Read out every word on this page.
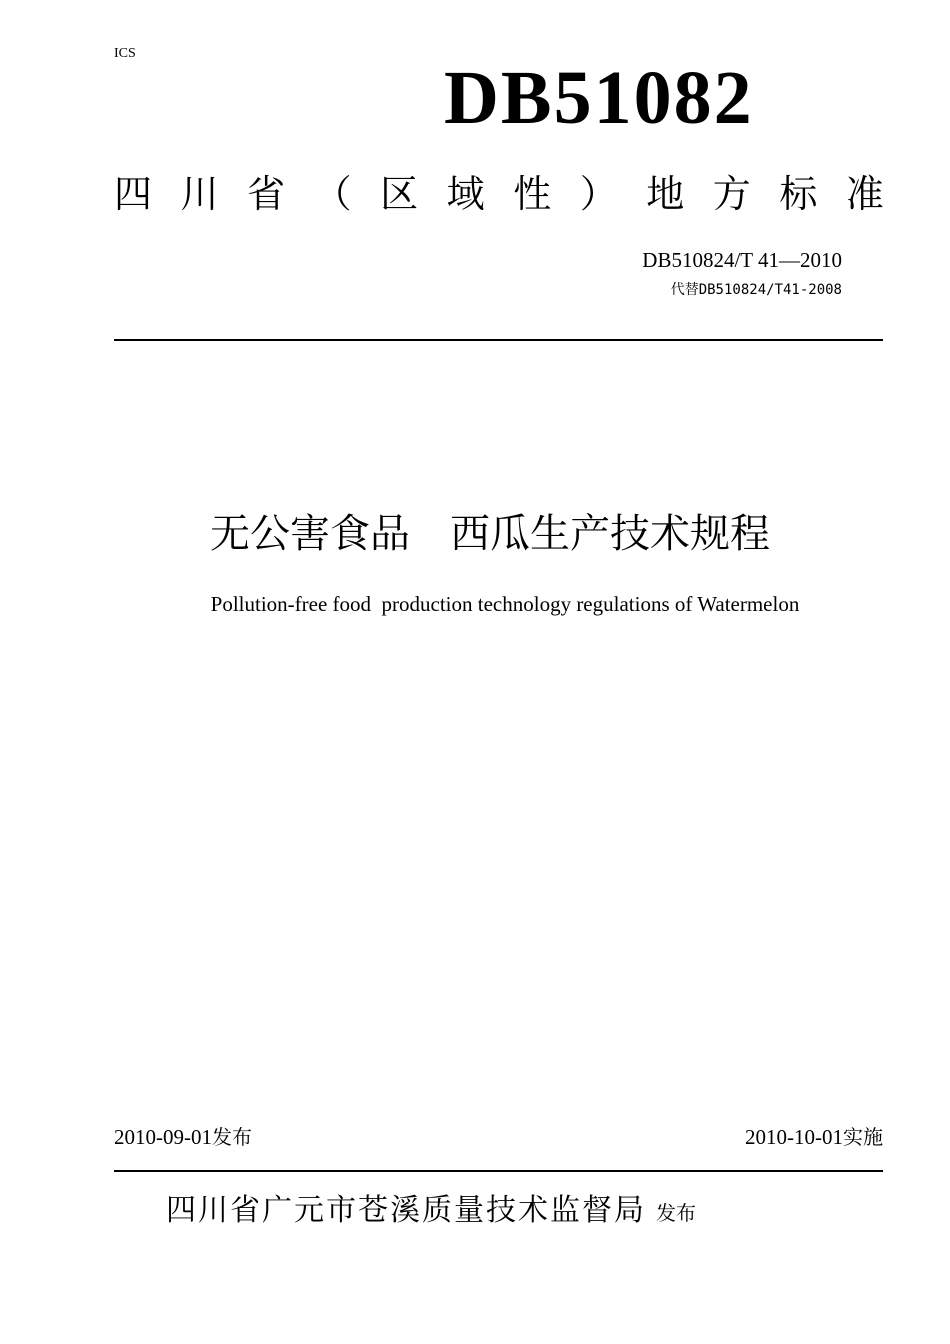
ICS
DB51082
四 川 省 （ 区 域 性 ） 地 方 标 准
DB510824/T 41—2010
代替DB510824/T41-2008
无公害食品　西瓜生产技术规程
Pollution-free food  production technology regulations of Watermelon
2010-09-01发布	2010-10-01实施
四川省广元市苍溪质量技术监督局 发布
